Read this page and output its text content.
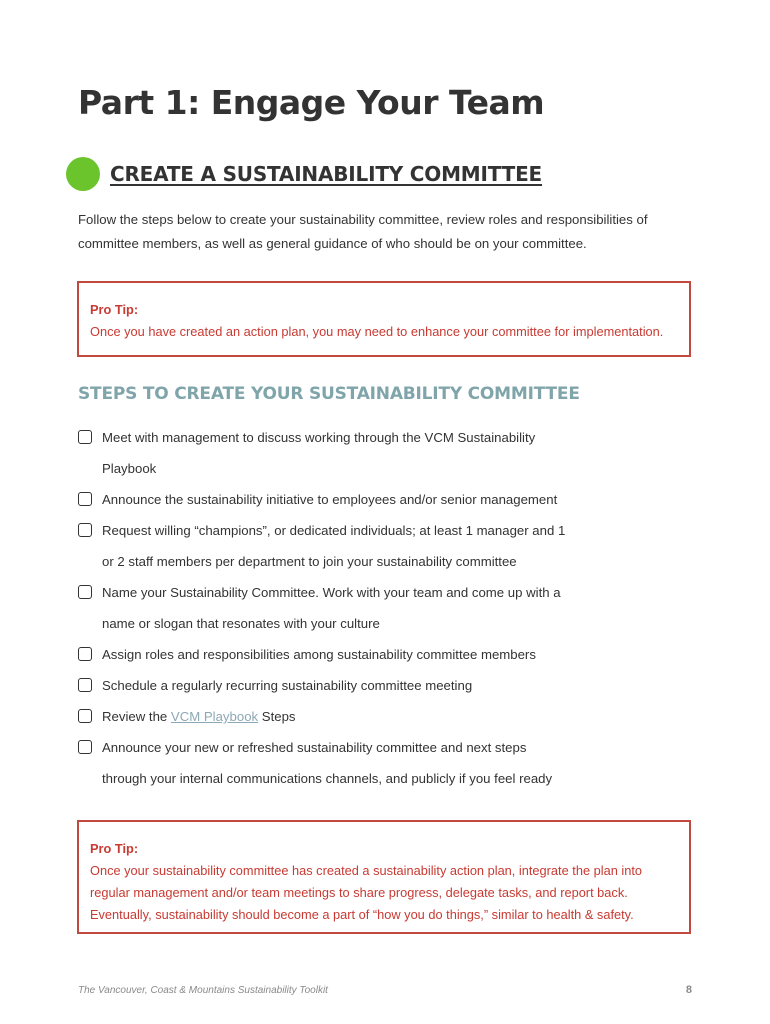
Part 1: Engage Your Team
CREATE A SUSTAINABILITY COMMITTEE

Follow the steps below to create your sustainability committee, review roles and responsibilities of committee members, as well as general guidance of who should be on your committee.

Pro Tip:
Once you have created an action plan, you may need to enhance your committee for implementation.
STEPS TO CREATE YOUR SUSTAINABILITY COMMITTEE
Meet with management to discuss working through the VCM Sustainability Playbook
Announce the sustainability initiative to employees and/or senior management
Request willing “champions”, or dedicated individuals; at least 1 manager and 1 or 2 staff members per department to join your sustainability committee
Name your Sustainability Committee. Work with your team and come up with a name or slogan that resonates with your culture
Assign roles and responsibilities among sustainability committee members
Schedule a regularly recurring sustainability committee meeting
Review the VCM Playbook Steps
Announce your new or refreshed sustainability committee and next steps through your internal communications channels, and publicly if you feel ready
Pro Tip:
Once your sustainability committee has created a sustainability action plan, integrate the plan into regular management and/or team meetings to share progress, delegate tasks, and report back. Eventually, sustainability should become a part of “how you do things,” similar to health & safety.
The Vancouver, Coast & Mountains Sustainability Toolkit	8
